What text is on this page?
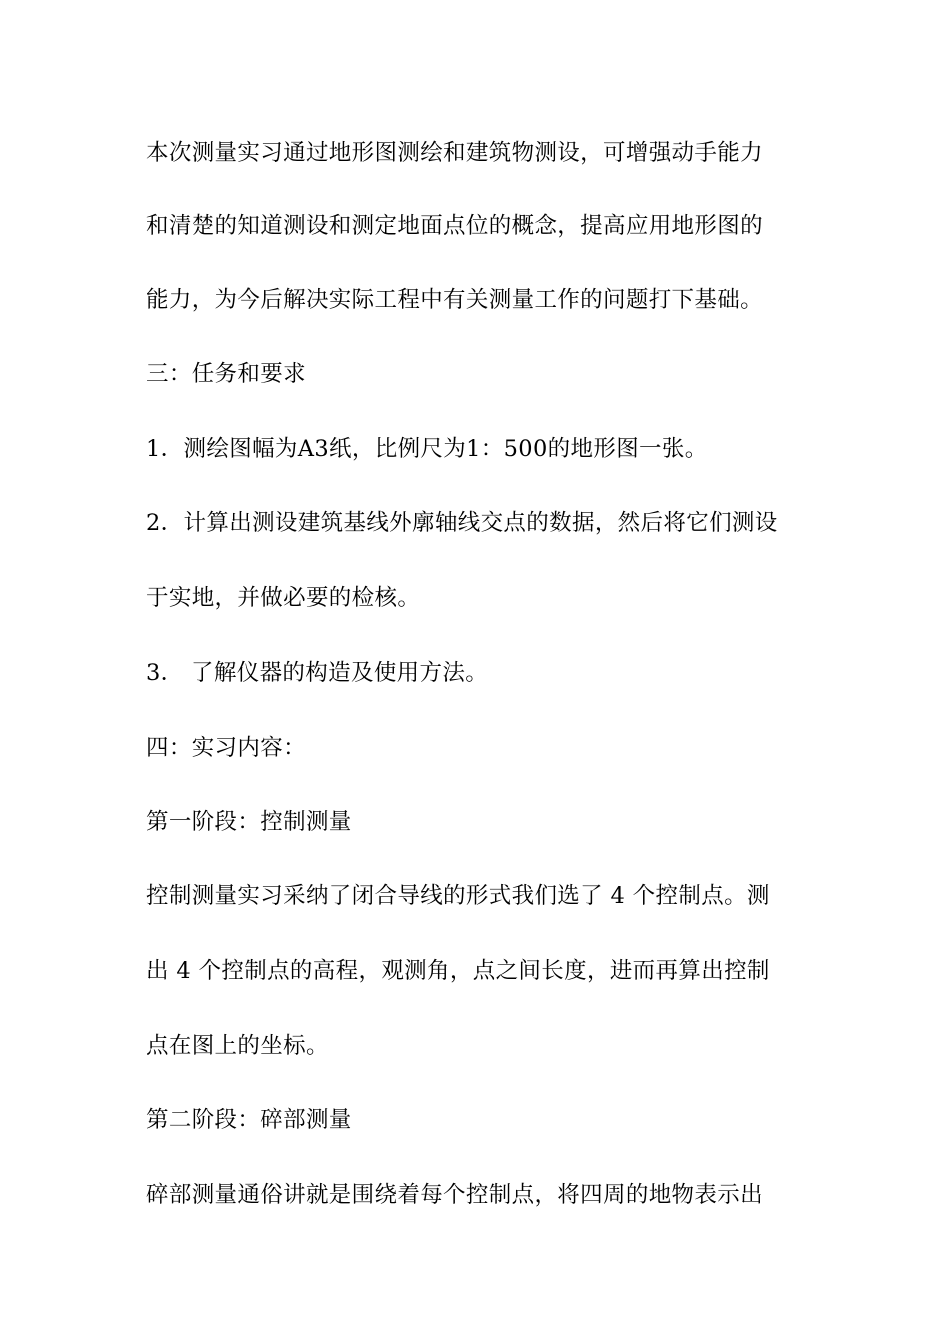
本次测量实习通过地形图测绘和建筑物测设，可增强动手能力
和清楚的知道测设和测定地面点位的概念，提高应用地形图的
能力，为今后解决实际工程中有关测量工作的问题打下基础。
三：任务和要求
1．测绘图幅为A3纸，比例尺为1：500的地形图一张。
2．计算出测设建筑基线外廓轴线交点的数据，然后将它们测设
于实地，并做必要的检核。
3． 了解仪器的构造及使用方法。
四：实习内容：
第一阶段：控制测量
控制测量实习采纳了闭合导线的形式我们选了 4 个控制点。测
出 4 个控制点的高程，观测角，点之间长度，进而再算出控制
点在图上的坐标。
第二阶段：碎部测量
碎部测量通俗讲就是围绕着每个控制点，将四周的地物表示出
